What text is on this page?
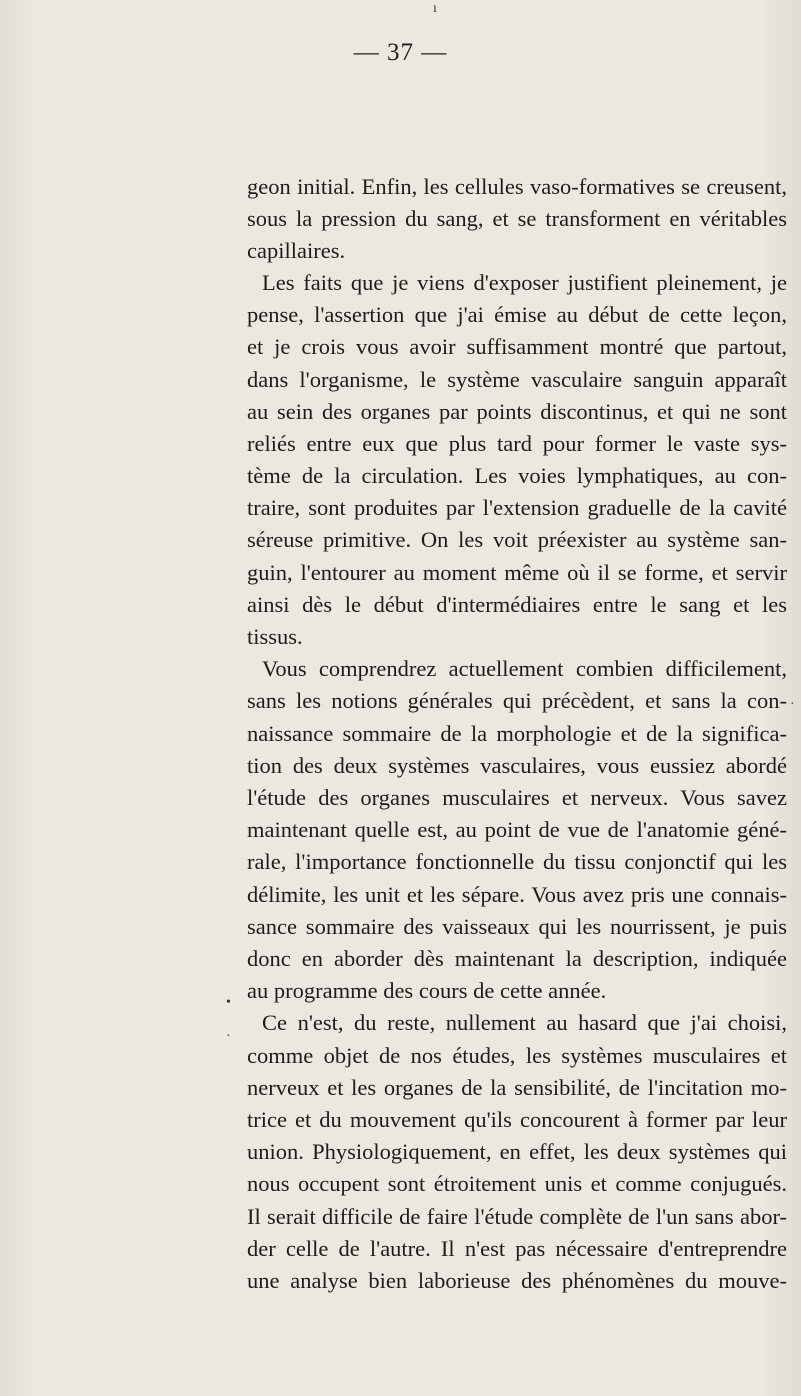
ı
— 37 —
geon initial. Enfin, les cellules vaso-formatives se creusent,
sous la pression du sang, et se transforment en véritables
capillaires.
Les faits que je viens d'exposer justifient pleinement, je
pense, l'assertion que j'ai émise au début de cette leçon,
et je crois vous avoir suffisamment montré que partout,
dans l'organisme, le système vasculaire sanguin apparaît
au sein des organes par points discontinus, et qui ne sont
reliés entre eux que plus tard pour former le vaste sys-
tème de la circulation. Les voies lymphatiques, au con-
traire, sont produites par l'extension graduelle de la cavité
séreuse primitive. On les voit préexister au système san-
guin, l'entourer au moment même où il se forme, et servir
ainsi dès le début d'intermédiaires entre le sang et les
tissus.
Vous comprendrez actuellement combien difficilement,
sans les notions générales qui précèdent, et sans la con-
naissance sommaire de la morphologie et de la significa-
tion des deux systèmes vasculaires, vous eussiez abordé
l'étude des organes musculaires et nerveux. Vous savez
maintenant quelle est, au point de vue de l'anatomie géné-
rale, l'importance fonctionnelle du tissu conjonctif qui les
délimite, les unit et les sépare. Vous avez pris une connais-
sance sommaire des vaisseaux qui les nourrissent, je puis
donc en aborder dès maintenant la description, indiquée
au programme des cours de cette année.
Ce n'est, du reste, nullement au hasard que j'ai choisi,
comme objet de nos études, les systèmes musculaires et
nerveux et les organes de la sensibilité, de l'incitation mo-
trice et du mouvement qu'ils concourent à former par leur
union. Physiologiquement, en effet, les deux systèmes qui
nous occupent sont étroitement unis et comme conjugués.
Il serait difficile de faire l'étude complète de l'un sans abor-
der celle de l'autre. Il n'est pas nécessaire d'entreprendre
une analyse bien laborieuse des phénomènes du mouve-
•
·
·
